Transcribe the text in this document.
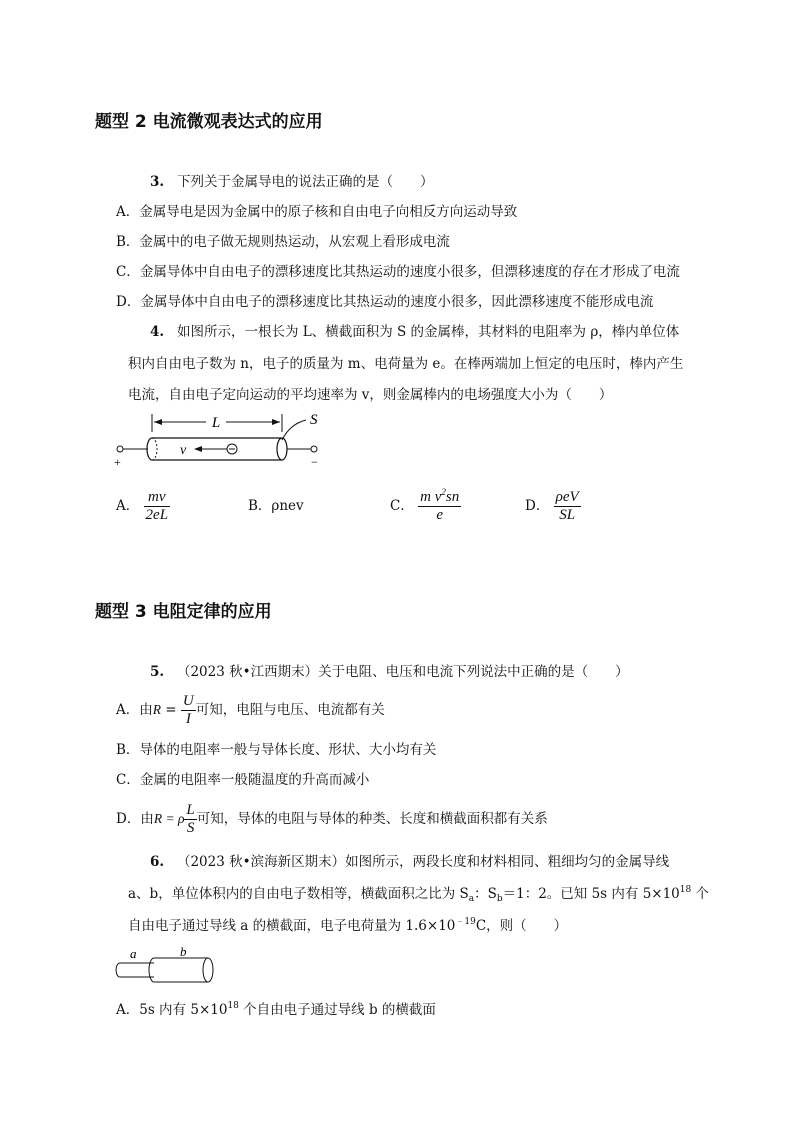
题型 2 电流微观表达式的应用
3. 下列关于金属导电的说法正确的是（　　）
A．金属导电是因为金属中的原子核和自由电子向相反方向运动导致
B．金属中的电子做无规则热运动，从宏观上看形成电流
C．金属导体中自由电子的漂移速度比其热运动的速度小很多，但漂移速度的存在才形成了电流
D．金属导体中自由电子的漂移速度比其热运动的速度小很多，因此漂移速度不能形成电流
4. 如图所示，一根长为 L、横截面积为 S 的金属棒，其材料的电阻率为 ρ，棒内单位体
积内自由电子数为 n，电子的质量为 m、电荷量为 e。在棒两端加上恒定的电压时，棒内产生
电流，自由电子定向运动的平均速率为 v，则金属棒内的电场强度大小为（　　）
L
v
S
+	−
A． $\frac{mv}{2eL}$	B．ρnev	C． $\frac{m v^2sn}{e}$	D． $\frac{\text{ρeV}}{SL}$
题型 3 电阻定律的应用
5. （2023 秋•江西期末）关于电阻、电压和电流下列说法中正确的是（　　）
A．由$R = \frac{U}{I}$ 可知，电阻与电压、电流都有关
B．导体的电阻率一般与导体长度、形状、大小均有关
C．金属的电阻率一般随温度的升高而减小
D．由R = ρ $\frac{L}{S}$ 可知，导体的电阻与导体的种类、长度和横截面积都有关系
6. （2023 秋•滨海新区期末）如图所示，两段长度和材料相同、粗细均匀的金属导线
a、b，单位体积内的自由电子数相等，横截面积之比为 $S_a$：$S_b=1$：2。已知 5s 内有 $5\times 10^{18}$ 个
自由电子通过导线 a 的横截面，电子电荷量为 $1.6\times 10^{﹣19}C$，则（　　）
a	b
A．5s 内有 $5\times 10^{18}$ 个自由电子通过导线 b 的横截面
